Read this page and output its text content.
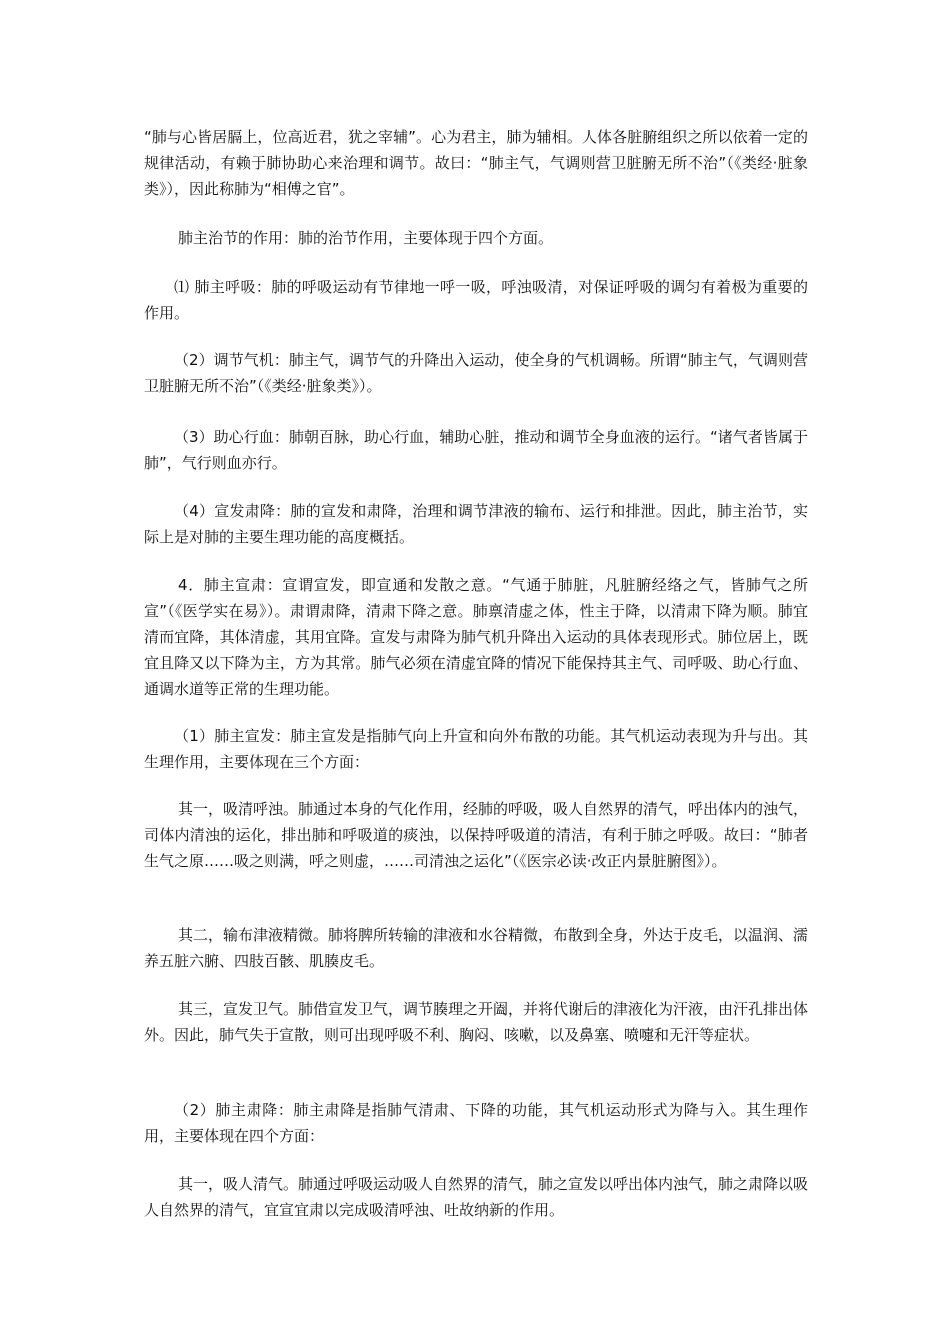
“肺与心皆居膈上，位高近君，犹之宰辅”。心为君主，肺为辅相。人体各脏腑组织之所以依着一定的规律活动，有赖于肺协助心来治理和调节。故曰：“肺主气，气调则营卫脏腑无所不治”（《类经·脏象类》），因此称肺为“相傅之官”。

肺主治节的作用：肺的治节作用，主要体现于四个方面。

⑴ 肺主呼吸：肺的呼吸运动有节律地一呼一吸，呼浊吸清，对保证呼吸的调匀有着极为重要的作用。

（2）调节气机：肺主气，调节气的升降出入运动，使全身的气机调畅。所谓“肺主气，气调则营卫脏腑无所不治”（《类经·脏象类》）。

（3）助心行血：肺朝百脉，助心行血，辅助心脏，推动和调节全身血液的运行。“诸气者皆属于肺”，气行则血亦行。

（4）宣发肃降：肺的宣发和肃降，治理和调节津液的输布、运行和排泄。因此，肺主治节，实际上是对肺的主要生理功能的高度概括。

4．肺主宣肃：宣谓宣发，即宣通和发散之意。“气通于肺脏，凡脏腑经络之气，皆肺气之所宣”（《医学实在易》）。肃谓肃降，清肃下降之意。肺禀清虚之体，性主于降，以清肃下降为顺。肺宜清而宜降，其体清虚，其用宜降。宣发与肃降为肺气机升降出入运动的具体表现形式。肺位居上，既宜且降又以下降为主，方为其常。肺气必须在清虚宜降的情况下能保持其主气、司呼吸、助心行血、通调水道等正常的生理功能。

（1）肺主宣发：肺主宣发是指肺气向上升宣和向外布散的功能。其气机运动表现为升与出。其生理作用，主要体现在三个方面：

其一，吸清呼浊。肺通过本身的气化作用，经肺的呼吸，吸人自然界的清气，呼出体内的浊气，司体内清浊的运化，排出肺和呼吸道的痰浊，以保持呼吸道的清洁，有利于肺之呼吸。故曰：“肺者生气之原……吸之则满，呼之则虚，……司清浊之运化”（《医宗必读·改正内景脏腑图》）。

其二，输布津液精微。肺将脾所转输的津液和水谷精微，布散到全身，外达于皮毛，以温润、濡养五脏六腑、四肢百骸、肌腠皮毛。

其三，宣发卫气。肺借宣发卫气，调节腠理之开阖，并将代谢后的津液化为汗液，由汗孔排出体外。因此，肺气失于宣散，则可出现呼吸不利、胸闷、咳嗽，以及鼻塞、喷嚏和无汗等症状。

（2）肺主肃降：肺主肃降是指肺气清肃、下降的功能，其气机运动形式为降与入。其生理作用，主要体现在四个方面：

其一，吸人清气。肺通过呼吸运动吸人自然界的清气，肺之宣发以呼出体内浊气，肺之肃降以吸人自然界的清气，宜宣宜肃以完成吸清呼浊、吐故纳新的作用。
